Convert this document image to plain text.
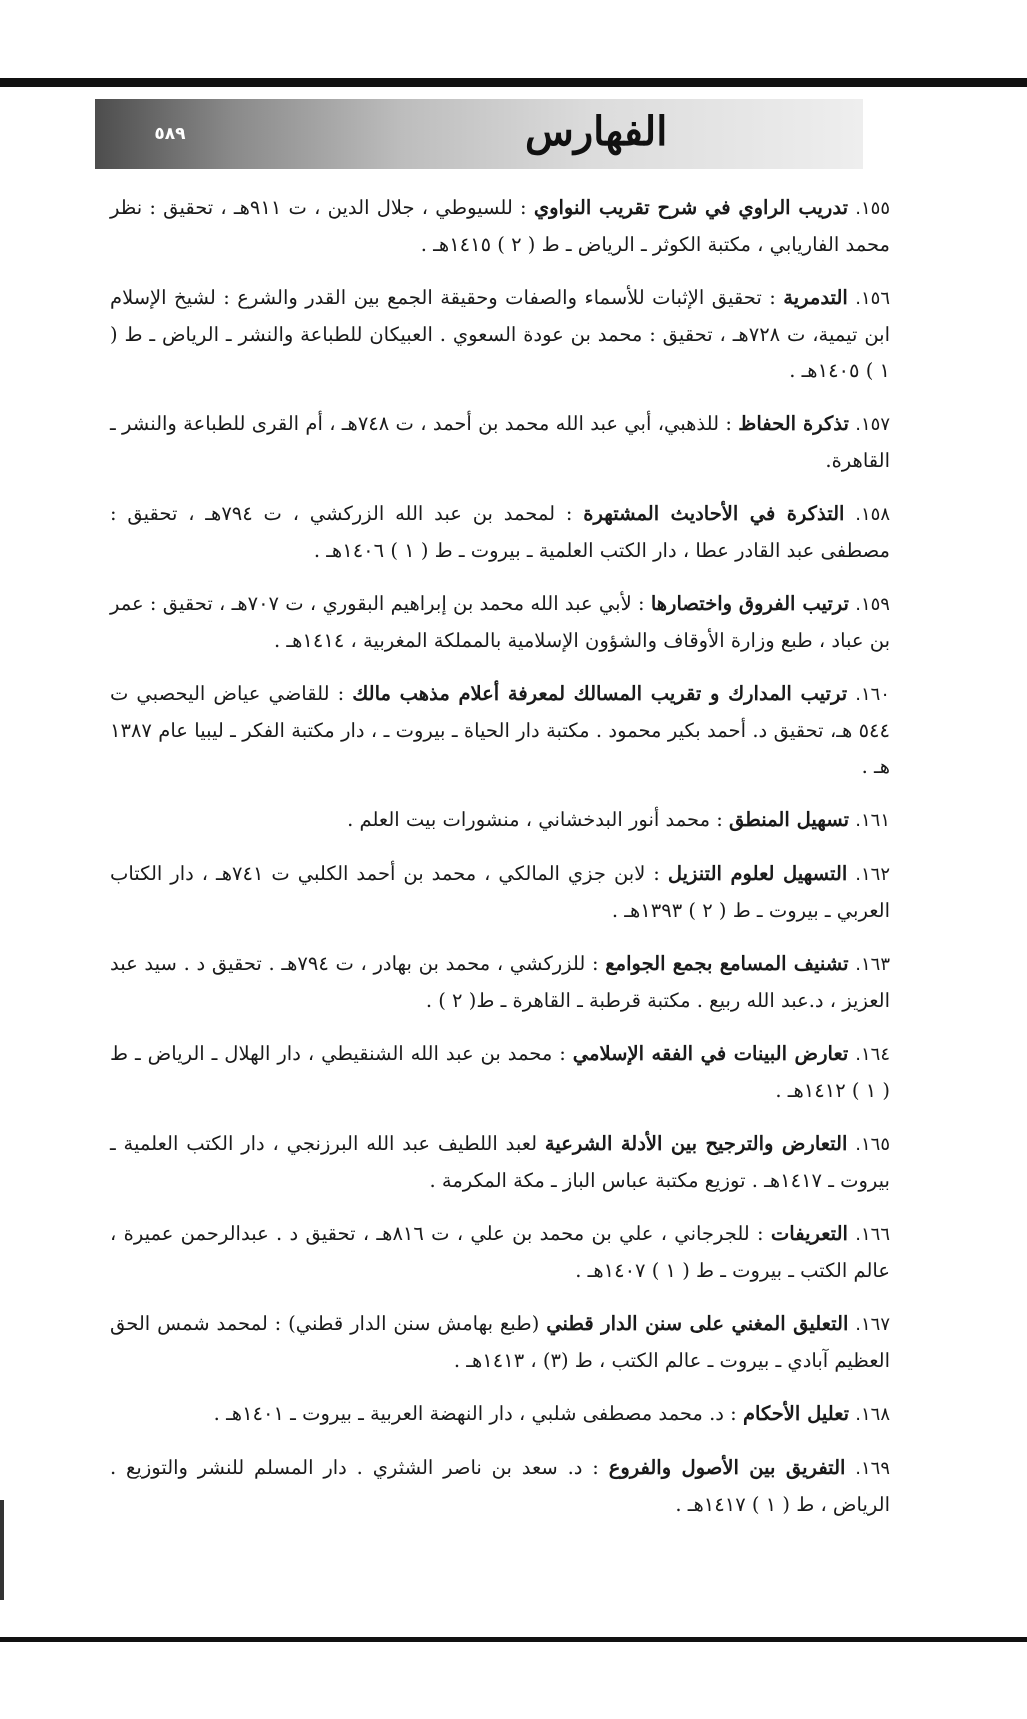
٥٨٩	الفهارس

١٥٥. تدريب الراوي في شرح تقريب النواوي : للسيوطي ، جلال الدين ، ت ٩١١هـ ، تحقيق : نظر محمد الفاريابي ، مكتبة الكوثر ـ الرياض ـ ط ( ٢ ) ١٤١٥هـ .

١٥٦. التدمرية : تحقيق الإثبات للأسماء والصفات وحقيقة الجمع بين القدر والشرع : لشيخ الإسلام ابن تيمية، ت ٧٢٨هـ ، تحقيق : محمد بن عودة السعوي . العبيكان للطباعة والنشر ـ الرياض ـ ط ( ١ ) ١٤٠٥هـ .

١٥٧. تذكرة الحفاظ : للذهبي، أبي عبد الله محمد بن أحمد ، ت ٧٤٨هـ ، أم القرى للطباعة والنشر ـ القاهرة.

١٥٨. التذكرة في الأحاديث المشتهرة : لمحمد بن عبد الله الزركشي ، ت ٧٩٤هـ ، تحقيق : مصطفى عبد القادر عطا ، دار الكتب العلمية ـ بيروت ـ ط ( ١ ) ١٤٠٦هـ .

١٥٩. ترتيب الفروق واختصارها : لأبي عبد الله محمد بن إبراهيم البقوري ، ت ٧٠٧هـ ، تحقيق : عمر بن عباد ، طبع وزارة الأوقاف والشؤون الإسلامية بالمملكة المغربية ، ١٤١٤هـ .

١٦٠. ترتيب المدارك و تقريب المسالك لمعرفة أعلام مذهب مالك : للقاضي عياض اليحصبي ت ٥٤٤ هـ، تحقيق د. أحمد بكير محمود . مكتبة دار الحياة ـ بيروت ـ ، دار مكتبة الفكر ـ ليبيا عام ١٣٨٧ هـ .

١٦١. تسهيل المنطق : محمد أنور البدخشاني ، منشورات بيت العلم .

١٦٢. التسهيل لعلوم التنزيل : لابن جزي المالكي ، محمد بن أحمد الكلبي ت ٧٤١هـ ، دار الكتاب العربي ـ بيروت ـ ط ( ٢ ) ١٣٩٣هـ .

١٦٣. تشنيف المسامع بجمع الجوامع : للزركشي ، محمد بن بهادر ، ت ٧٩٤هـ . تحقيق د . سيد عبد العزيز ، د.عبد الله ربيع . مكتبة قرطبة ـ القاهرة ـ ط( ٢ ) .

١٦٤. تعارض البينات في الفقه الإسلامي : محمد بن عبد الله الشنقيطي ، دار الهلال ـ الرياض ـ ط ( ١ ) ١٤١٢هـ .

١٦٥. التعارض والترجيح بين الأدلة الشرعية لعبد اللطيف عبد الله البرزنجي ، دار الكتب العلمية ـ بيروت ـ ١٤١٧هـ . توزيع مكتبة عباس الباز ـ مكة المكرمة .

١٦٦. التعريفات : للجرجاني ، علي بن محمد بن علي ، ت ٨١٦هـ ، تحقيق د . عبدالرحمن عميرة ، عالم الكتب ـ بيروت ـ ط ( ١ ) ١٤٠٧هـ .

١٦٧. التعليق المغني على سنن الدار قطني (طبع بهامش سنن الدار قطني) : لمحمد شمس الحق العظيم آبادي ـ بيروت ـ عالم الكتب ، ط (٣) ، ١٤١٣هـ .

١٦٨. تعليل الأحكام : د. محمد مصطفى شلبي ، دار النهضة العربية ـ بيروت ـ ١٤٠١هـ .

١٦٩. التفريق بين الأصول والفروع : د. سعد بن ناصر الشثري . دار المسلم للنشر والتوزيع . الرياض ، ط ( ١ ) ١٤١٧هـ .
